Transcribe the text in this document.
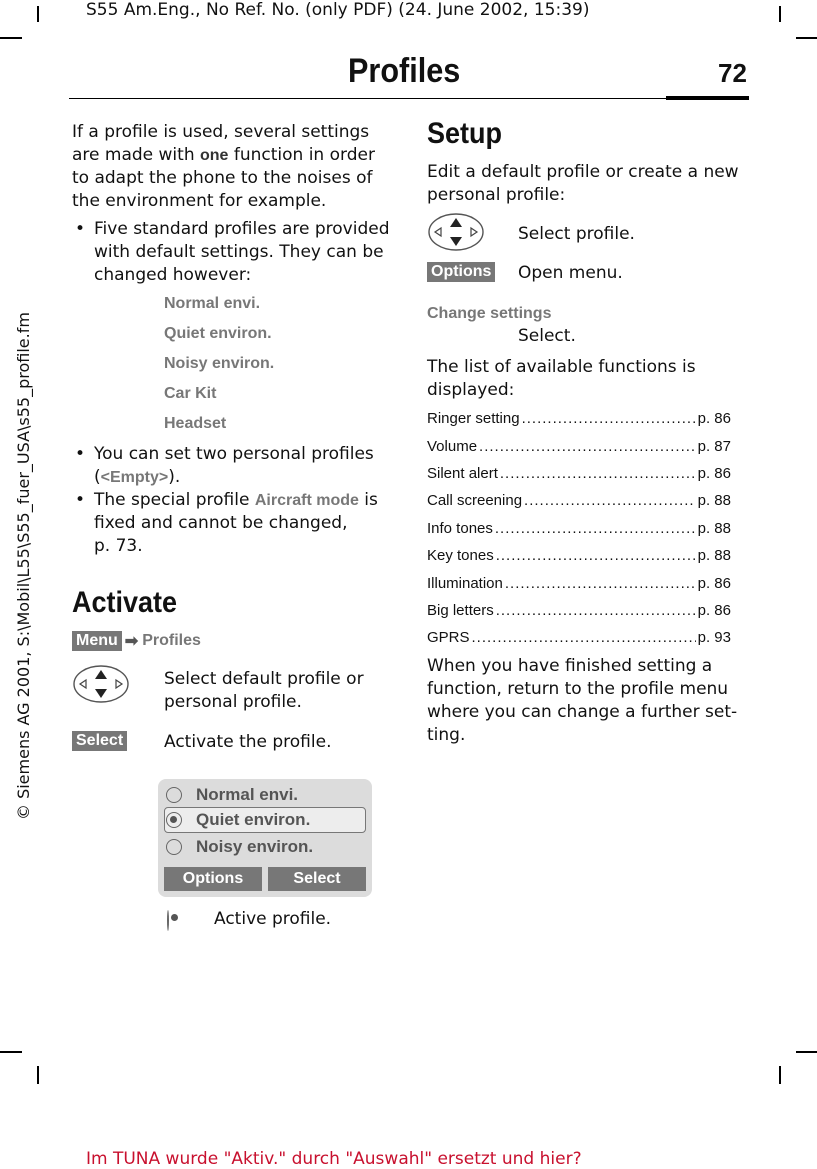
S55 Am.Eng., No Ref. No. (only PDF) (24. June 2002, 15:39)
Profiles	72
© Siemens AG 2001, S:\Mobil\L55\S55_fuer_USA\s55_profile.fm
If a profile is used, several settings are made with one function in order to adapt the phone to the noises of the environment for example.
• Five standard profiles are provided with default settings. They can be changed however:
Normal envi.
Quiet environ.
Noisy environ.
Car Kit
Headset
• You can set two personal profiles (<Empty>).
• The special profile Aircraft mode is fixed and cannot be changed,
p. 73.
Activate
Menu ➡ Profiles
Select default profile or personal profile.
Select Activate the profile.
Normal envi.
Quiet environ.
Noisy environ.
Options	Select
Active profile.
Setup
Edit a default profile or create a new personal profile:
Select profile.
Options Open menu.
Change settings
Select.
The list of available functions is displayed:
Ringer setting .....	p. 86
Volume .....	p. 87
Silent alert .....	p. 86
Call screening .....	p. 88
Info tones .....	p. 88
Key tones .....	p. 88
Illumination .....	p. 86
Big letters .....	p. 86
GPRS .....	p. 93
When you have finished setting a function, return to the profile menu where you can change a further set-ting.
Im TUNA wurde "Aktiv." durch "Auswahl" ersetzt und hier?
